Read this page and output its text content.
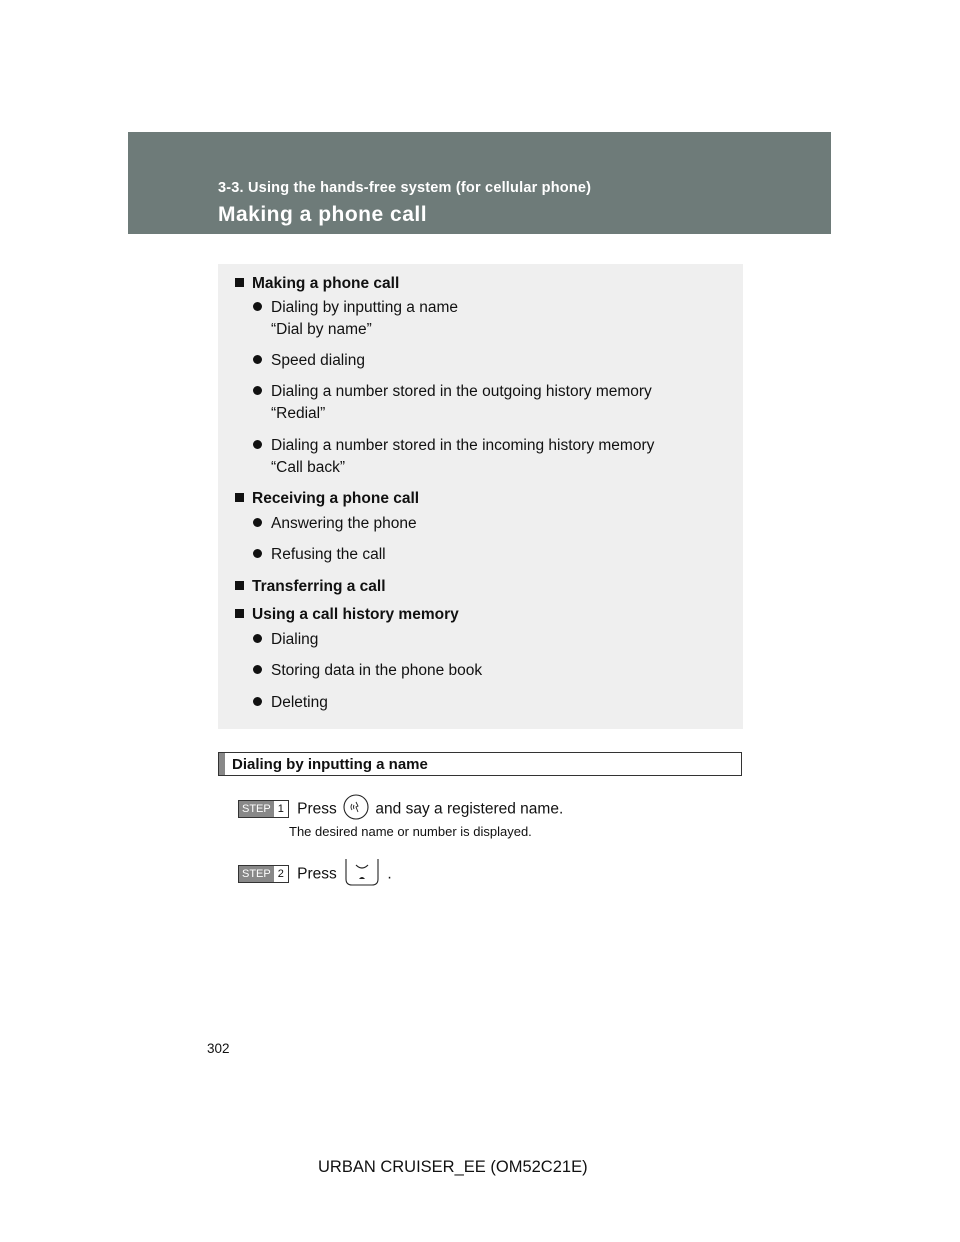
3-3. Using the hands-free system (for cellular phone)
Making a phone call
Making a phone call
Dialing by inputting a name
“Dial by name”
Speed dialing
Dialing a number stored in the outgoing history memory
“Redial”
Dialing a number stored in the incoming history memory
“Call back”
Receiving a phone call
Answering the phone
Refusing the call
Transferring a call
Using a call history memory
Dialing
Storing data in the phone book
Deleting
Dialing by inputting a name
STEP 1 Press and say a registered name.
The desired name or number is displayed.
STEP 2 Press	.
302
URBAN CRUISER_EE (OM52C21E)
